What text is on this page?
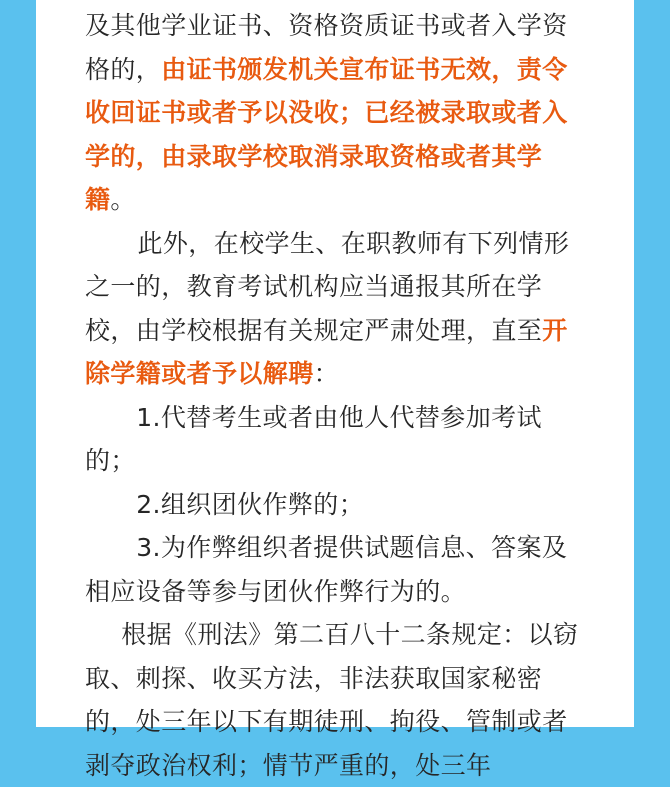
及其他学业证书、资格资质证书或者入学资格的，由证书颁发机关宣布证书无效，责令收回证书或者予以没收；已经被录取或者入学的，由录取学校取消录取资格或者其学籍。

此外，在校学生、在职教师有下列情形之一的，教育考试机构应当通报其所在学校，由学校根据有关规定严肃处理，直至开除学籍或者予以解聘：

1.代替考生或者由他人代替参加考试的；

2.组织团伙作弊的；

3.为作弊组织者提供试题信息、答案及相应设备等参与团伙作弊行为的。

根据《刑法》第二百八十二条规定：以窃取、刺探、收买方法，非法获取国家秘密的，处三年以下有期徒刑、拘役、管制或者剥夺政治权利；情节严重的，处三年
